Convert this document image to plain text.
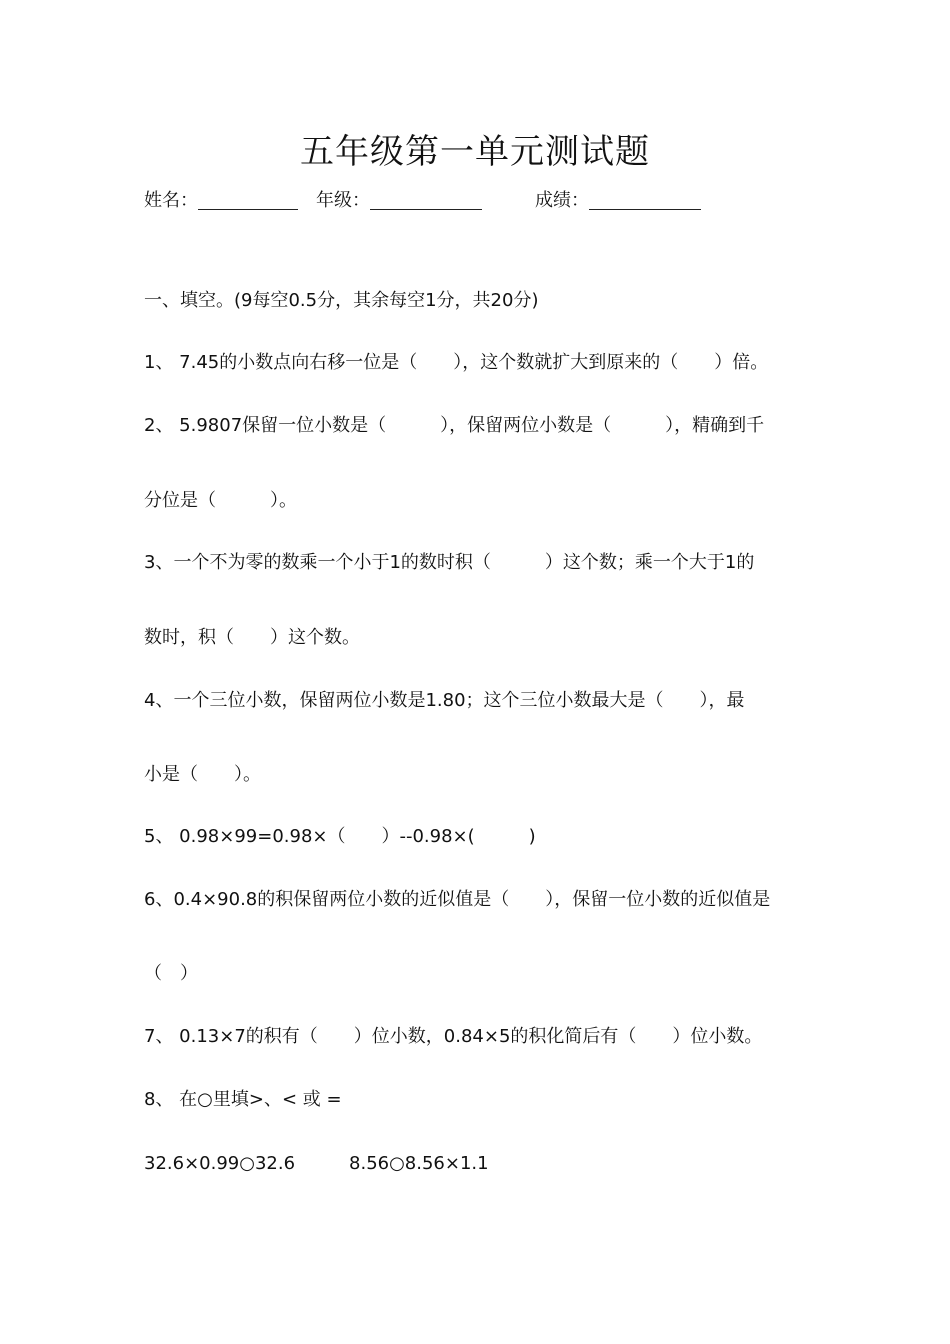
五年级第一单元测试题
姓名：	年级：	成绩：
一、填空。(9每空0.5分，其余每空1分，共20分)
1、 7.45的小数点向右移一位是（　　），这个数就扩大到原来的（　　）倍。
2、 5.9807保留一位小数是（　　　），保留两位小数是（　　　），精确到千
分位是（　　　）。
3、一个不为零的数乘一个小于1的数时积（　　　）这个数；乘一个大于1的
数时，积（　　）这个数。
4、一个三位小数，保留两位小数是1.80；这个三位小数最大是（　　），最
小是（　　）。
5、 0.98×99=0.98×（　　）--0.98×(　　　)
6、0.4×90.8的积保留两位小数的近似值是（　　），保留一位小数的近似值是
（　）
7、 0.13×7的积有（　　）位小数，0.84×5的积化简后有（　　）位小数。
8、 在○里填>、< 或 =
32.6×0.99○32.6　　　8.56○8.56×1.1
